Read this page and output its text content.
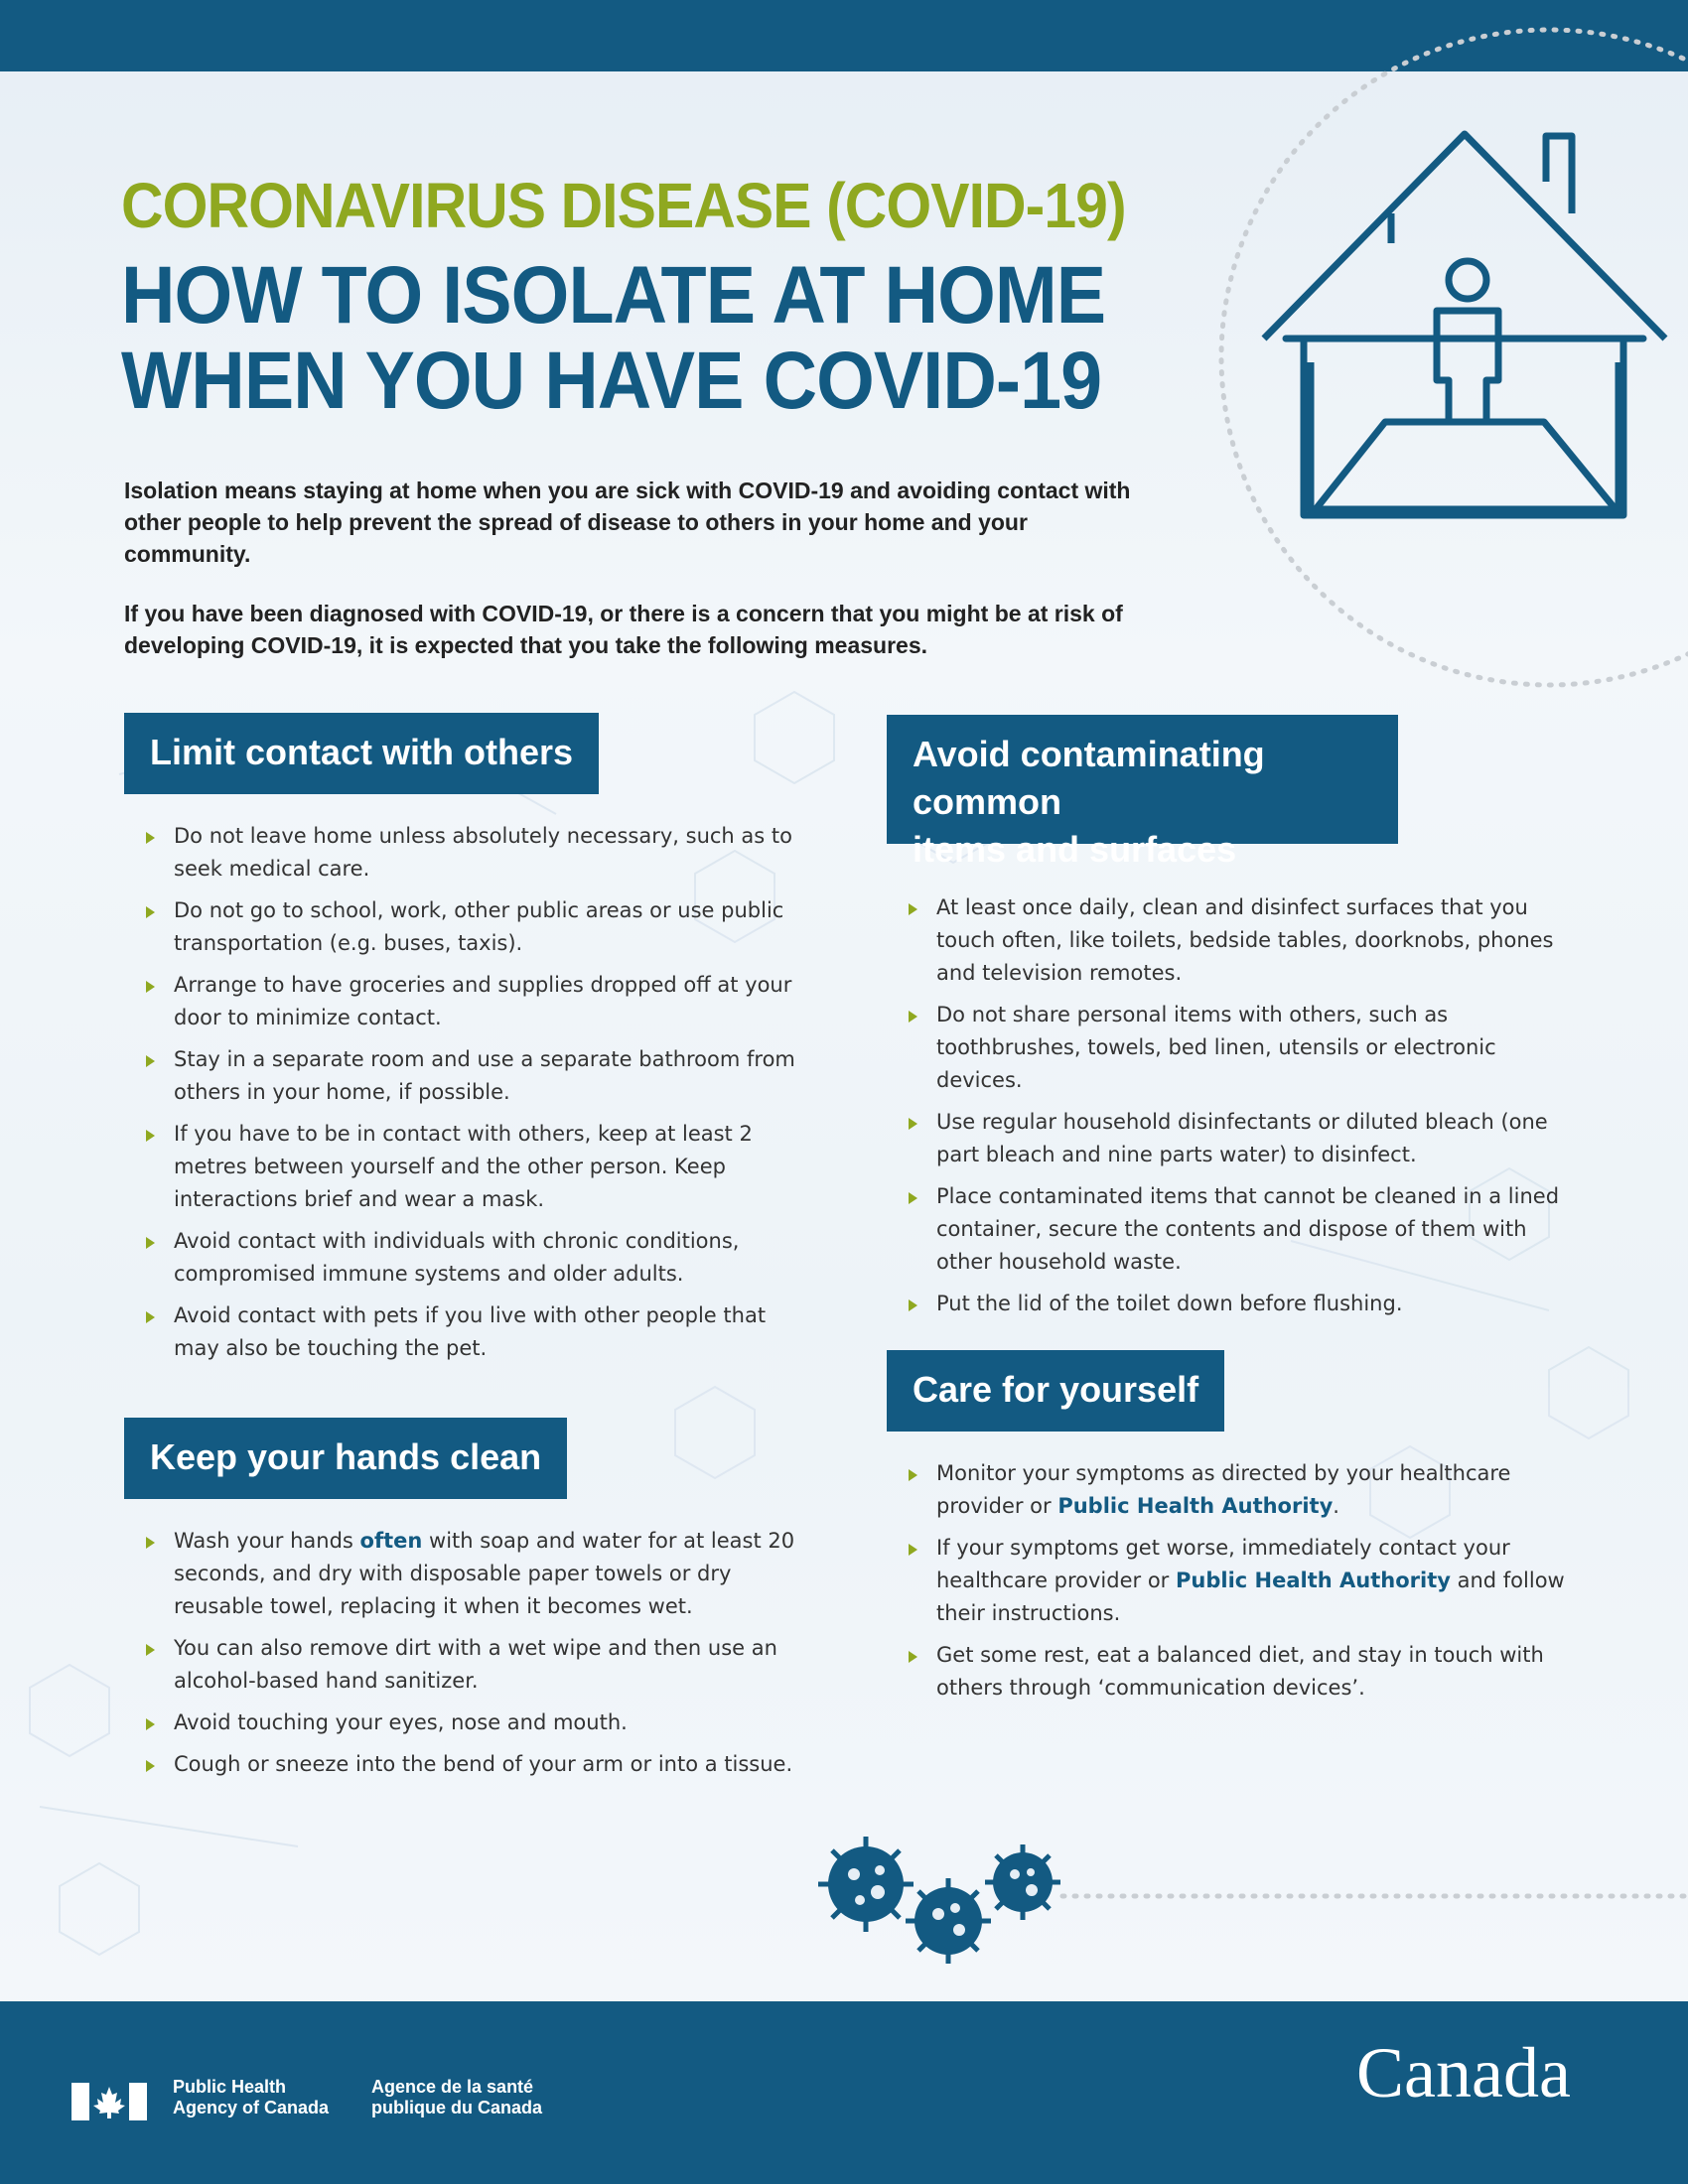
CORONAVIRUS DISEASE (COVID-19)
HOW TO ISOLATE AT HOME
WHEN YOU HAVE COVID-19

Isolation means staying at home when you are sick with COVID-19 and avoiding contact with other people to help prevent the spread of disease to others in your home and your community.

If you have been diagnosed with COVID-19, or there is a concern that you might be at risk of developing COVID-19, it is expected that you take the following measures.

Limit contact with others
Do not leave home unless absolutely necessary, such as to seek medical care.
Do not go to school, work, other public areas or use public transportation (e.g. buses, taxis).
Arrange to have groceries and supplies dropped off at your door to minimize contact.
Stay in a separate room and use a separate bathroom from others in your home, if possible.
If you have to be in contact with others, keep at least 2 metres between yourself and the other person. Keep interactions brief and wear a mask.
Avoid contact with individuals with chronic conditions, compromised immune systems and older adults.
Avoid contact with pets if you live with other people that may also be touching the pet.
Keep your hands clean
Wash your hands often with soap and water for at least 20 seconds, and dry with disposable paper towels or dry reusable towel, replacing it when it becomes wet.
You can also remove dirt with a wet wipe and then use an alcohol-based hand sanitizer.
Avoid touching your eyes, nose and mouth.
Cough or sneeze into the bend of your arm or into a tissue.
Avoid contaminating common
items and surfaces
At least once daily, clean and disinfect surfaces that you touch often, like toilets, bedside tables, doorknobs, phones and television remotes.
Do not share personal items with others, such as toothbrushes, towels, bed linen, utensils or electronic devices.
Use regular household disinfectants or diluted bleach (one part bleach and nine parts water) to disinfect.
Place contaminated items that cannot be cleaned in a lined container, secure the contents and dispose of them with other household waste.
Put the lid of the toilet down before flushing.
Care for yourself
Monitor your symptoms as directed by your healthcare provider or Public Health Authority.
If your symptoms get worse, immediately contact your healthcare provider or Public Health Authority and follow their instructions.
Get some rest, eat a balanced diet, and stay in touch with others through ‘communication devices’.
Public Health
Agency of Canada
Agence de la santé
publique du Canada	Canada
